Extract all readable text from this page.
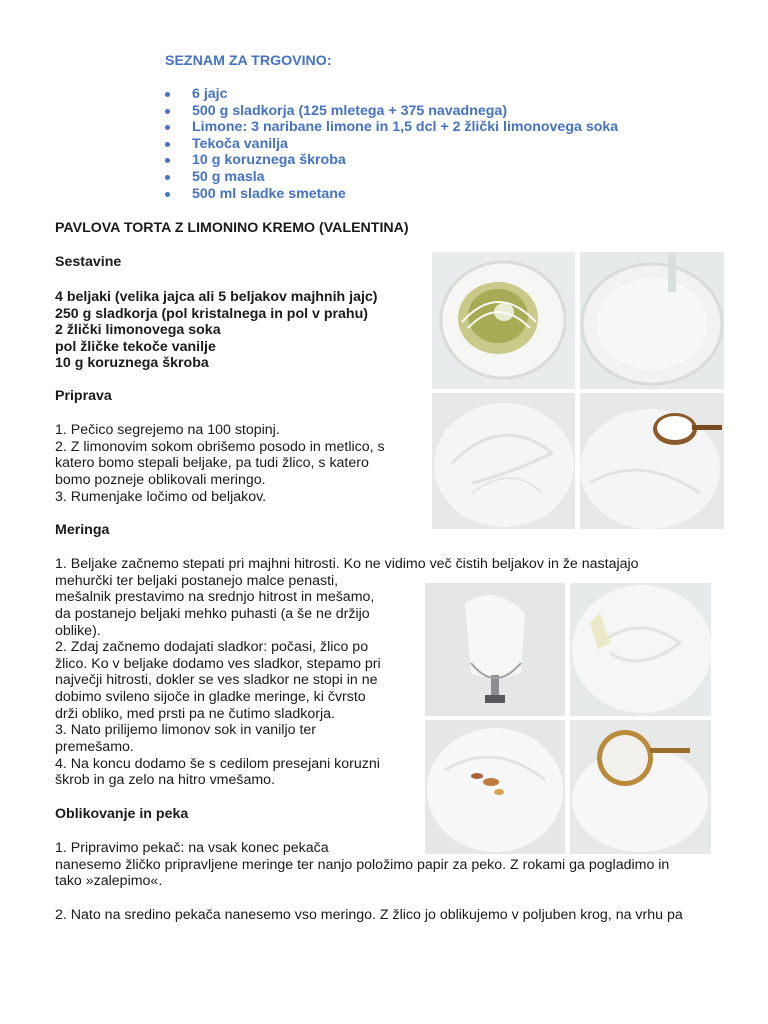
SEZNAM ZA TRGOVINO:
6 jajc
500 g sladkorja (125 mletega + 375 navadnega)
Limone: 3 naribane limone in 1,5 dcl + 2 žlički limonovega soka
Tekoča vanilja
10 g koruznega škroba
50 g masla
500 ml sladke smetane
PAVLOVA TORTA Z LIMONINO KREMO (VALENTINA)
Sestavine
4 beljaki (velika jajca ali 5 beljakov majhnih jajc)
250 g sladkorja (pol kristalnega in pol v prahu)
2 žlički limonovega soka
pol žličke tekoče vanilje
10 g koruznega škroba
Priprava
1. Pečico segrejemo na 100 stopinj.
2. Z limonovim sokom obrišemo posodo in metlico, s
katero bomo stepali beljake, pa tudi žlico, s katero
bomo pozneje oblikovali meringo.
3. Rumenjake ločimo od beljakov.
Meringa
1. Beljake začnemo stepati pri majhni hitrosti. Ko ne vidimo več čistih beljakov in že nastajajo
mehurčki ter beljaki postanejo malce penasti,
mešalnik prestavimo na srednjo hitrost in mešamo,
da postanejo beljaki mehko puhasti (a še ne držijo
oblike).
2. Zdaj začnemo dodajati sladkor: počasi, žlico po
žlico. Ko v beljake dodamo ves sladkor, stepamo pri
največji hitrosti, dokler se ves sladkor ne stopi in ne
dobimo svileno sijoče in gladke meringe, ki čvrsto
drži obliko, med prsti pa ne čutimo sladkorja.
3. Nato prilijemo limonov sok in vaniljo ter
premešamo.
4. Na koncu dodamo še s cedilom presejani koruzni
škrob in ga zelo na hitro vmešamo.
Oblikovanje in peka
1. Pripravimo pekač: na vsak konec pekača
nanesemo žličko pripravljene meringe ter nanjo položimo papir za peko. Z rokami ga pogladimo in
tako »zalepimo«.
2. Nato na sredino pekača nanesemo vso meringo. Z žlico jo oblikujemo v poljuben krog, na vrhu pa
